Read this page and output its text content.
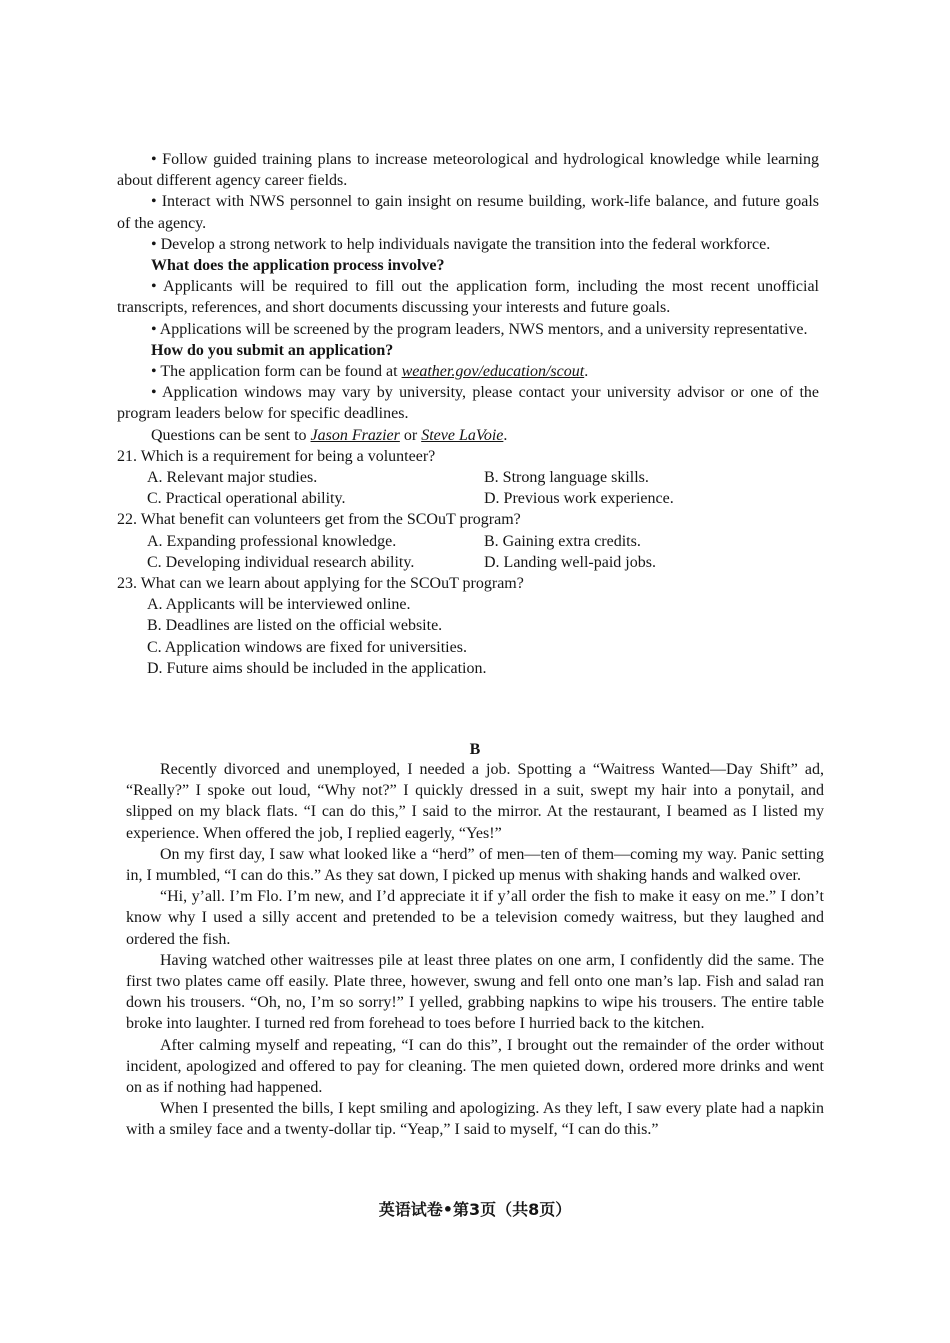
• Follow guided training plans to increase meteorological and hydrological knowledge while learning about different agency career fields.

• Interact with NWS personnel to gain insight on resume building, work-life balance, and future goals of the agency.

• Develop a strong network to help individuals navigate the transition into the federal workforce.

What does the application process involve?

• Applicants will be required to fill out the application form, including the most recent unofficial transcripts, references, and short documents discussing your interests and future goals.

• Applications will be screened by the program leaders, NWS mentors, and a university representative.

How do you submit an application?

• The application form can be found at weather.gov/education/scout.

• Application windows may vary by university, please contact your university advisor or one of the program leaders below for specific deadlines.

Questions can be sent to Jason Frazier or Steve LaVoie.

21. Which is a requirement for being a volunteer?

A. Relevant major studies.	B. Strong language skills.
C. Practical operational ability.	D. Previous work experience.

22. What benefit can volunteers get from the SCOuT program?

A. Expanding professional knowledge.	B. Gaining extra credits.
C. Developing individual research ability.	D. Landing well-paid jobs.

23. What can we learn about applying for the SCOuT program?

A. Applicants will be interviewed online.
B. Deadlines are listed on the official website.
C. Application windows are fixed for universities.
D. Future aims should be included in the application.

B

Recently divorced and unemployed, I needed a job. Spotting a “Waitress Wanted—Day Shift” ad, “Really?” I spoke out loud, “Why not?” I quickly dressed in a suit, swept my hair into a ponytail, and slipped on my black flats. “I can do this,” I said to the mirror. At the restaurant, I beamed as I listed my experience. When offered the job, I replied eagerly, “Yes!”

On my first day, I saw what looked like a “herd” of men—ten of them—coming my way. Panic setting in, I mumbled, “I can do this.” As they sat down, I picked up menus with shaking hands and walked over.

“Hi, y’all. I’m Flo. I’m new, and I’d appreciate it if y’all order the fish to make it easy on me.” I don’t know why I used a silly accent and pretended to be a television comedy waitress, but they laughed and ordered the fish.

Having watched other waitresses pile at least three plates on one arm, I confidently did the same. The first two plates came off easily. Plate three, however, swung and fell onto one man’s lap. Fish and salad ran down his trousers. “Oh, no, I’m so sorry!” I yelled, grabbing napkins to wipe his trousers. The entire table broke into laughter. I turned red from forehead to toes before I hurried back to the kitchen.

After calming myself and repeating, “I can do this”, I brought out the remainder of the order without incident, apologized and offered to pay for cleaning. The men quieted down, ordered more drinks and went on as if nothing had happened.

When I presented the bills, I kept smiling and apologizing. As they left, I saw every plate had a napkin with a smiley face and a twenty-dollar tip. “Yeap,” I said to myself, “I can do this.”

英语试卷•第3页（共8页）
